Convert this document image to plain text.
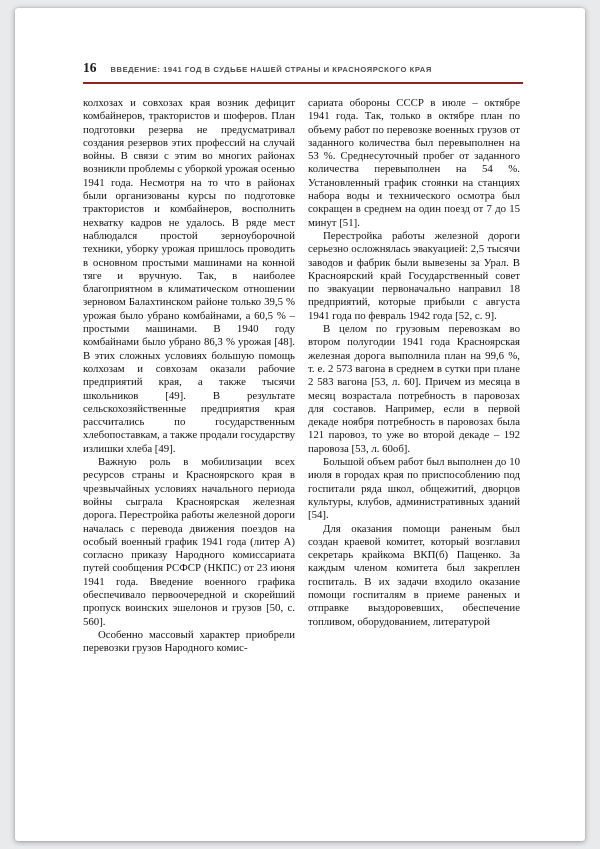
16 ВВЕДЕНИЕ: 1941 ГОД В СУДЬБЕ НАШЕЙ СТРАНЫ И КРАСНОЯРСКОГО КРАЯ

колхозах и совхозах края возник дефицит комбайнеров, трактористов и шоферов. План подготовки резерва не предусматривал создания резервов этих профессий на случай войны. В связи с этим во многих районах возникли проблемы с уборкой урожая осенью 1941 года. Несмотря на то что в районах были организованы курсы по подготовке трактористов и комбайнеров, восполнить нехватку кадров не удалось. В ряде мест наблюдался простой зерноуборочной техники, уборку урожая пришлось проводить в основном простыми машинами на конной тяге и вручную. Так, в наиболее благоприятном в климатическом отношении зерновом Балахтинском районе только 39,5 % урожая было убрано комбайнами, а 60,5 % – простыми машинами. В 1940 году комбайнами было убрано 86,3 % урожая [48]. В этих сложных условиях большую помощь колхозам и совхозам оказали рабочие предприятий края, а также тысячи школьников [49]. В результате сельскохозяйственные предприятия края рассчитались по государственным хлебопоставкам, а также продали государству излишки хлеба [49].

Важную роль в мобилизации всех ресурсов страны и Красноярского края в чрезвычайных условиях начального периода войны сыграла Красноярская железная дорога. Перестройка работы железной дороги началась с перевода движения поездов на особый военный график 1941 года (литер А) согласно приказу Народного комиссариата путей сообщения РСФСР (НКПС) от 23 июня 1941 года. Введение военного графика обеспечивало первоочередной и скорейший пропуск воинских эшелонов и грузов [50, с. 560].

Особенно массовый характер приобрели перевозки грузов Народного комис-

сариата обороны СССР в июле – октябре 1941 года. Так, только в октябре план по объему работ по перевозке военных грузов от заданного количества был перевыполнен на 53 %. Среднесуточный пробег от заданного количества перевыполнен на 54 %. Установленный график стоянки на станциях набора воды и технического осмотра был сокращен в среднем на один поезд от 7 до 15 минут [51].

Перестройка работы железной дороги серьезно осложнялась эвакуацией: 2,5 тысячи заводов и фабрик были вывезены за Урал. В Красноярский край Государственный совет по эвакуации первоначально направил 18 предприятий, которые прибыли с августа 1941 года по февраль 1942 года [52, с. 9].

В целом по грузовым перевозкам во втором полугодии 1941 года Красноярская железная дорога выполнила план на 99,6 %, т. е. 2 573 вагона в среднем в сутки при плане 2 583 вагона [53, л. 60]. Причем из месяца в месяц возрастала потребность в паровозах для составов. Например, если в первой декаде ноября потребность в паровозах была 121 паровоз, то уже во второй декаде – 192 паровоза [53, л. 60об].

Большой объем работ был выполнен до 10 июля в городах края по приспособлению под госпитали ряда школ, общежитий, дворцов культуры, клубов, административных зданий [54].

Для оказания помощи раненым был создан краевой комитет, который возглавил секретарь крайкома ВКП(б) Пащенко. За каждым членом комитета был закреплен госпиталь. В их задачи входило оказание помощи госпиталям в приеме раненых и отправке выздоровевших, обеспечение топливом, оборудованием, литературой
